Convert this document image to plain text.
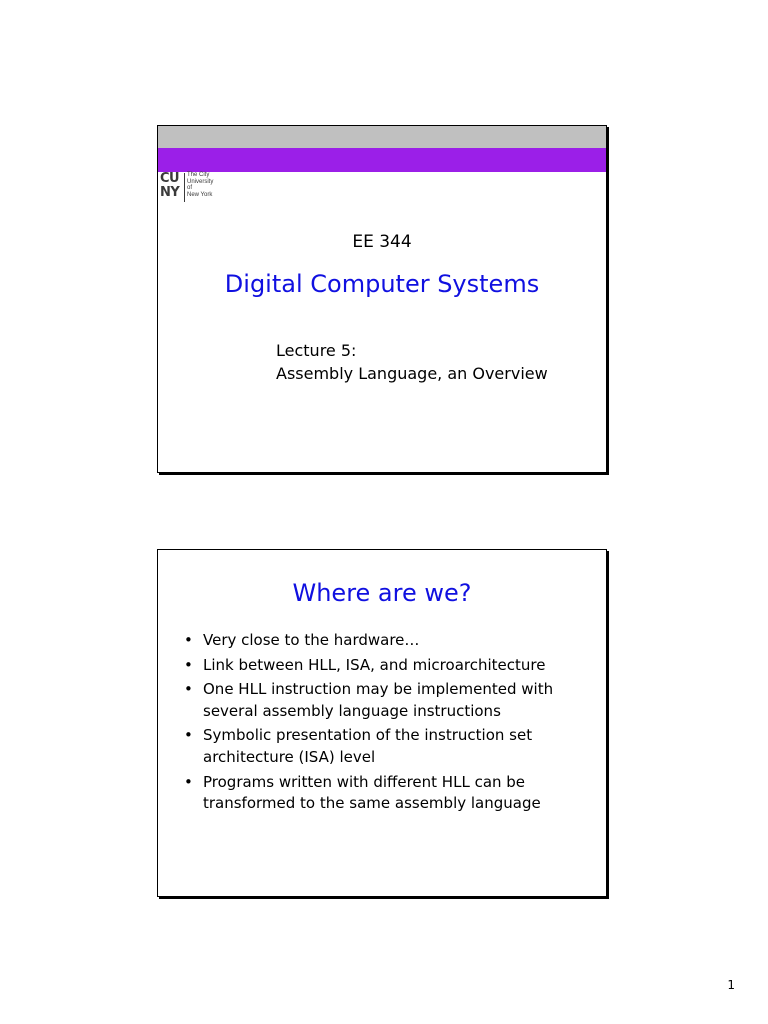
CU
NY
The City
University
of
New York
EE 344
Digital Computer Systems
Lecture 5:
Assembly Language, an Overview
Where are we?
• Very close to the hardware…
• Link between HLL, ISA, and microarchitecture
• One HLL instruction may be implemented with several assembly language instructions
• Symbolic presentation of the instruction set architecture (ISA) level
• Programs written with different HLL can be transformed to the same assembly language
1
